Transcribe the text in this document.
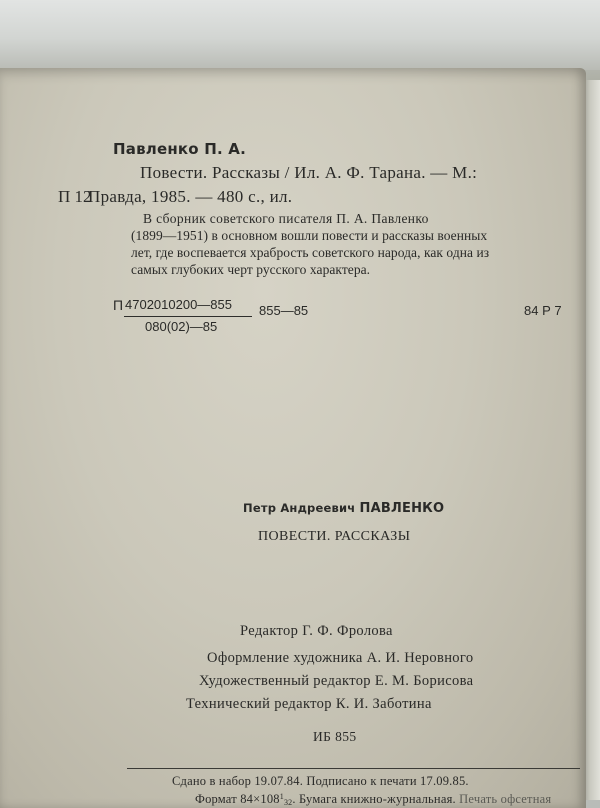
Павленко П. А.
Повести. Рассказы / Ил. А. Ф. Тарана. — М.:
П 12
Правда, 1985. — 480 с., ил.
В сборник советского писателя П. А. Павленко
(1899—1951) в основном вошли повести и рассказы военных
лет, где воспевается храбрость советского народа, как одна из
самых глубоких черт русского характера.
П 4702010200—855
080(02)—85
855—85	84 Р 7
Петр Андреевич ПАВЛЕНКО
ПОВЕСТИ. РАССКАЗЫ
Редактор Г. Ф. Фролова
Оформление художника А. И. Неровного
Художественный редактор Е. М. Борисова
Технический редактор К. И. Заботина
ИБ 855
Сдано в набор 19.07.84. Подписано к печати 17.09.85.
Формат $84\times 108^1_{32}$. Бумага книжно-журнальная. Печать офсетная
